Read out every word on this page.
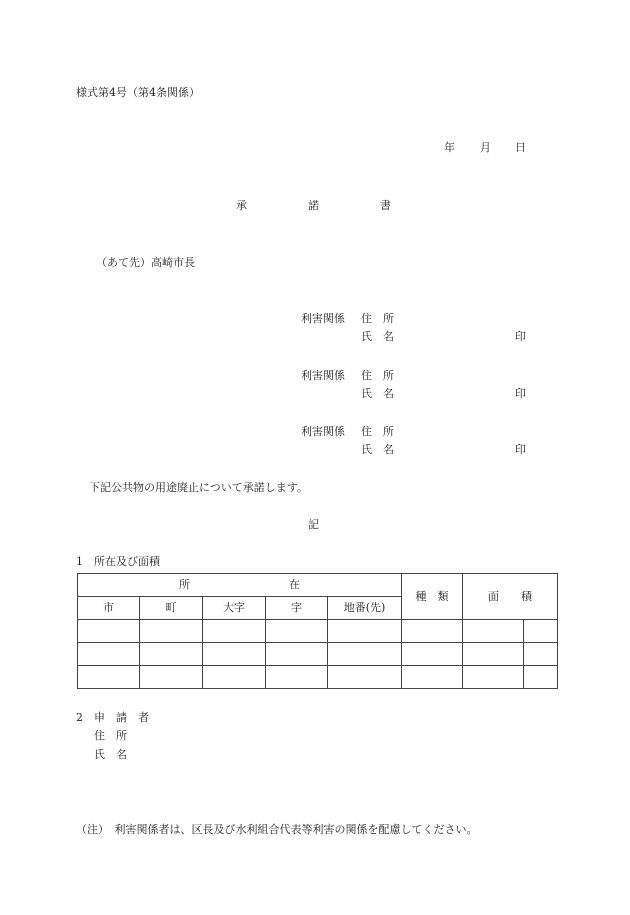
様式第4号（第4条関係）
年 月 日
承	諾	書
（あて先）高崎市長
利害関係 住 所
氏 名	印
利害関係 住 所
氏 名	印
利害関係 住 所
氏 名	印
下記公共物の用途廃止について承諾します。
記
1 所在及び面積
所 在					種　類	面　　積	
市	町	大字	字	地番(先)			

2 申　請　者
住　所
氏　名
（注）　利害関係者は、区長及び水利組合代表等利害の関係を配慮してください。
